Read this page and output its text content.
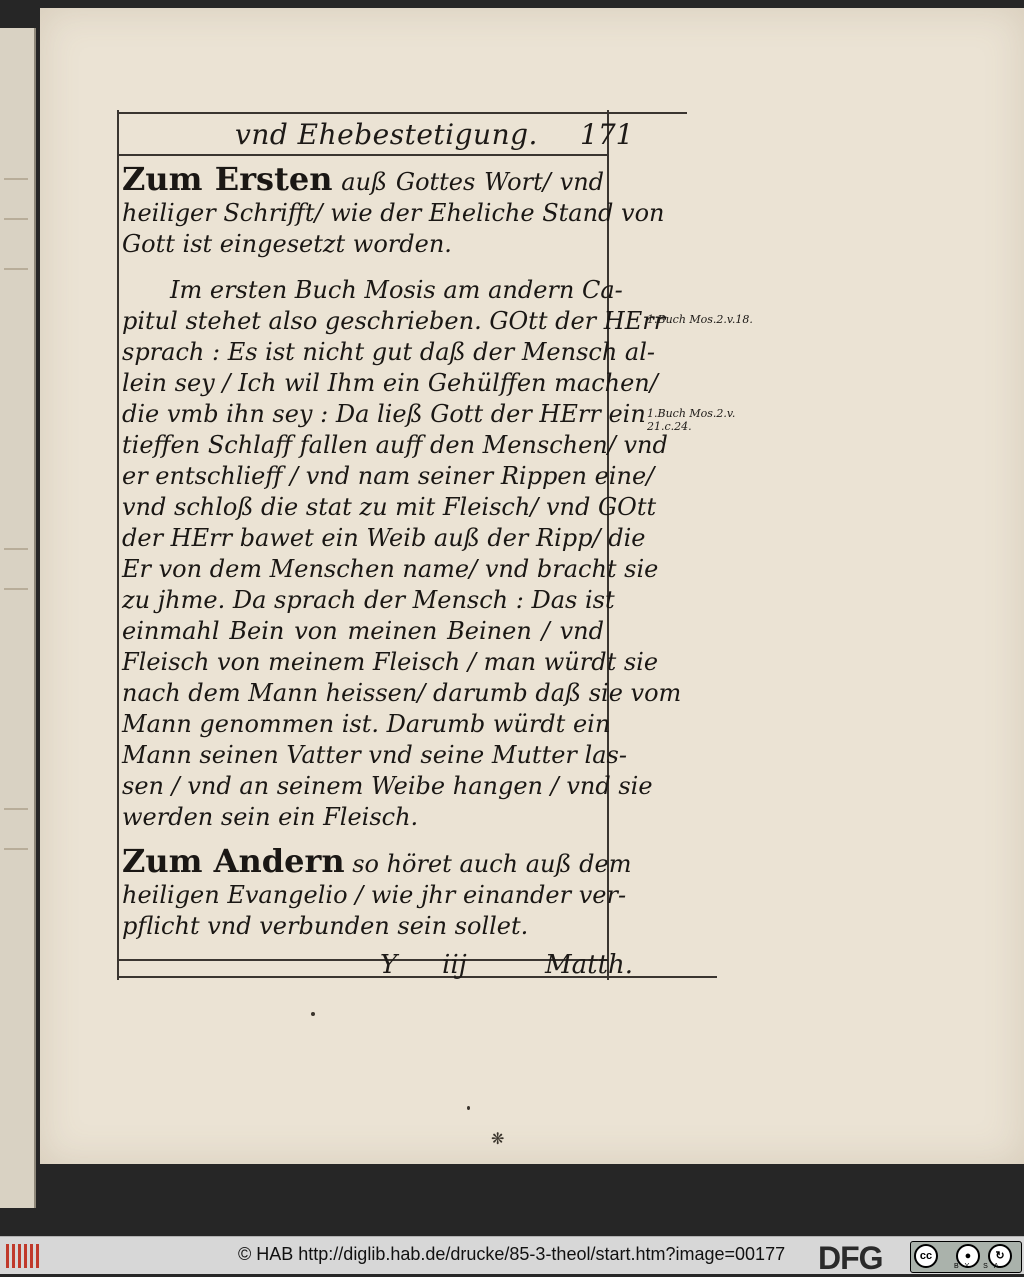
vnd Ehebestetigung. 171
Zum Ersten auß Gottes Wort/ vnd
heiliger Schrifft/ wie der Eheliche Stand von
Gott ist eingesetzt worden.
Im ersten Buch Mosis am andern Ca-
pitul stehet also geschrieben. GOtt der HErr
sprach : Es ist nicht gut daß der Mensch al-
lein sey / Ich wil Ihm ein Gehülffen machen/
die vmb ihn sey : Da ließ Gott der HErr ein
tieffen Schlaff fallen auff den Menschen/ vnd
er entschlieff / vnd nam seiner Rippen eine/
vnd schloß die stat zu mit Fleisch/ vnd GOtt
der HErr bawet ein Weib auß der Ripp/ die
Er von dem Menschen name/ vnd bracht sie
zu jhme. Da sprach der Mensch : Das ist
einmahl Bein von meinen Beinen / vnd
Fleisch von meinem Fleisch / man würdt sie
nach dem Mann heissen/ darumb daß sie vom
Mann genommen ist. Darumb würdt ein
Mann seinen Vatter vnd seine Mutter las-
sen / vnd an seinem Weibe hangen / vnd sie
werden sein ein Fleisch.
Zum Andern so höret auch auß dem
heiligen Evangelio / wie jhr einander ver-
pflicht vnd verbunden sein sollet.
1.Buch Mos.2.v.18.
1.Buch Mos.2.v.
21.c.24.
Y iij	Matth.
❋
© HAB http://diglib.hab.de/drucke/85-3-theol/start.htm?image=00177 DFG	cc	●	↻
BY SA
